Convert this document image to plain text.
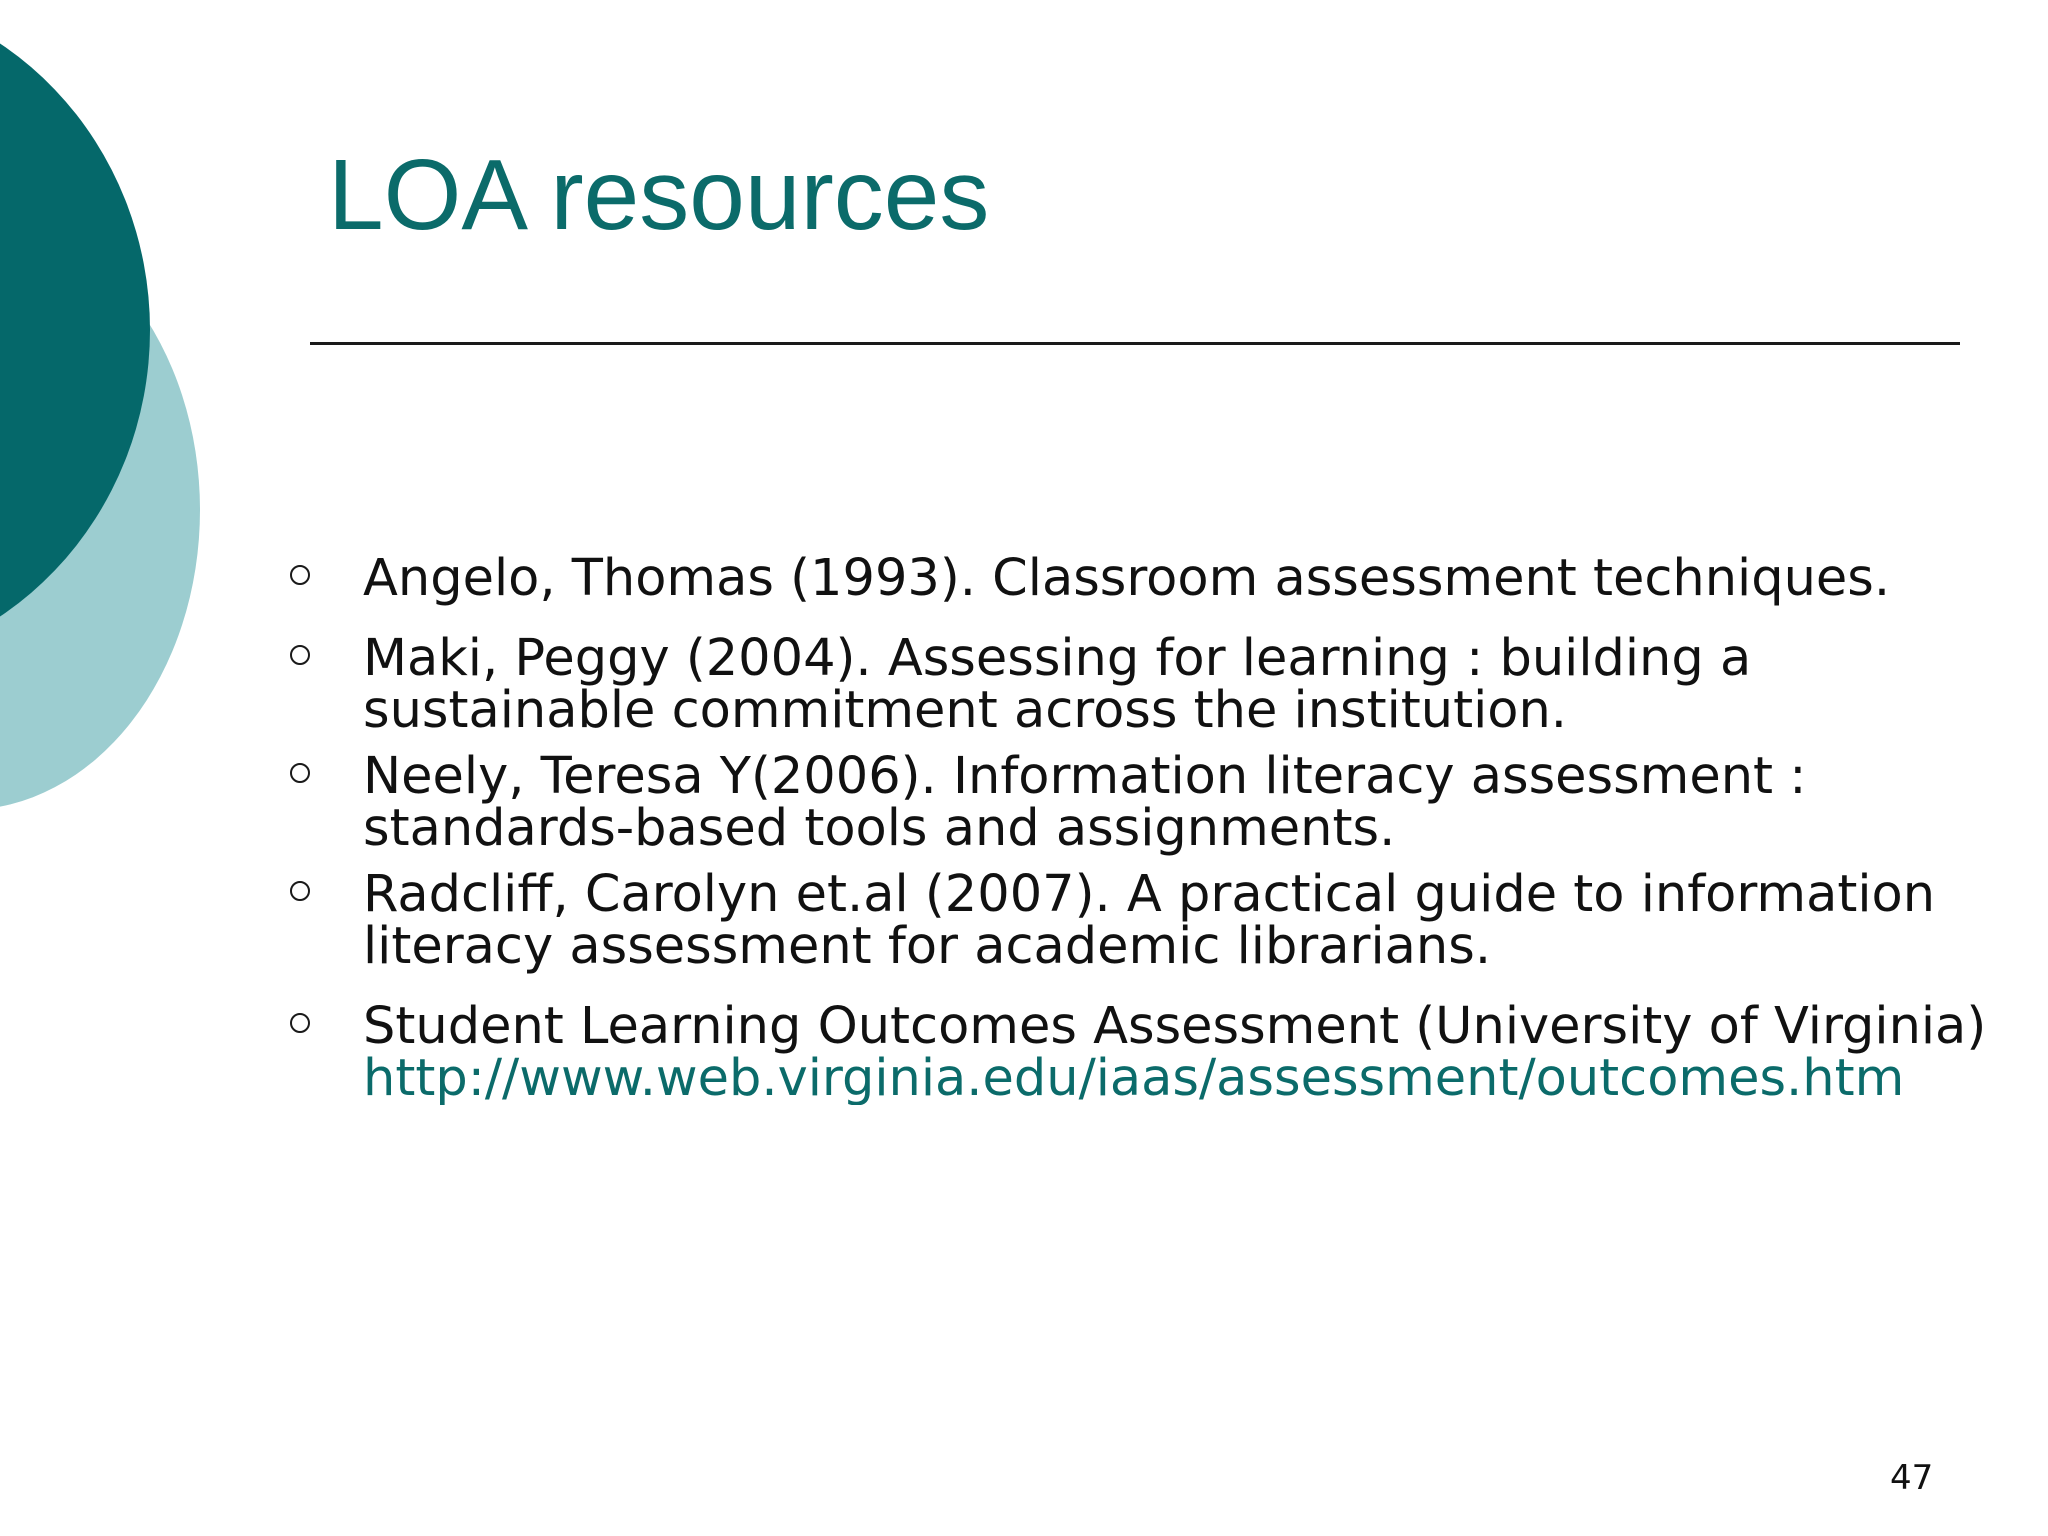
LOA resources
Angelo, Thomas (1993). Classroom assessment techniques.
Maki, Peggy (2004). Assessing for learning : building a sustainable commitment across the institution.
Neely, Teresa Y(2006). Information literacy assessment : standards-based tools and assignments.
Radcliff, Carolyn et.al (2007). A practical guide to information literacy assessment for academic librarians.
Student Learning Outcomes Assessment (University of Virginia)
http://www.web.virginia.edu/iaas/assessment/outcomes.htm
47
